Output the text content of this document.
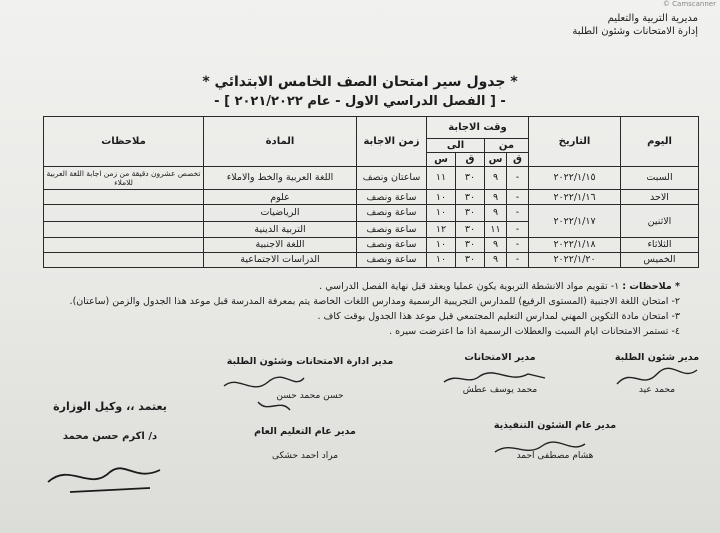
© Camscanner
مديرية التربية والتعليم
إدارة الامتحانات وشئون الطلبة
* جدول سير امتحان الصف الخامس الابتدائي *
- [ الفصل الدراسي الاول - عام ٢٠٢١/٢٠٢٢ ] -
اليوم	التاريخ	وقت الاجابة				زمن الاجابة	المادة	ملاحظات
		من		الى				
		ق	س	ق	س			
السبت	٢٠٢٢/١/١٥	-	٩	٣٠	١١	ساعتان ونصف	اللغة العربية والخط والاملاء	تخصص عشرون دقيقة من زمن اجابة اللغة العربية للاملاء
الاحد	٢٠٢٢/١/١٦	-	٩	٣٠	١٠	ساعة ونصف	علوم	
الاثنين	٢٠٢٢/١/١٧	-	٩	٣٠	١٠	ساعة ونصف	الرياضيات	
		-	١١	٣٠	١٢	ساعة ونصف	التربية الدينية	
الثلاثاء	٢٠٢٢/١/١٨	-	٩	٣٠	١٠	ساعة ونصف	اللغة الاجنبية	
الخميس	٢٠٢٢/١/٢٠	-	٩	٣٠	١٠	ساعة ونصف	الدراسات الاجتماعية	
* ملاحظات : ١- تقويم مواد الانشطة التربوية يكون عمليا ويعقد قبل نهاية الفصل الدراسي .
٢- امتحان اللغة الاجنبية (المستوى الرفيع) للمدارس التجريبية الرسمية ومدارس اللغات الخاصة يتم بمعرفة المدرسة قبل موعد هذا الجدول والزمن (ساعتان).
٣- امتحان مادة التكوين المهني لمدارس التعليم المجتمعي قبل موعد هذا الجدول بوقت كاف .
٤- تستمر الامتحانات ايام السبت والعطلات الرسمية اذا ما اعترضت سيره .
مدير شئون الطلبة
محمد عيد
مدير الامتحانات
محمد يوسف عطش
مدير ادارة الامتحانات وشئون الطلبة
حسن محمد حسن
يعتمد ،، وكيل الوزارة
د/ اكرم حسن محمد	مدير عام التعليم العام
مراد احمد حشكى
مدير عام الشئون التنفيذية
هشام مصطفى احمد
